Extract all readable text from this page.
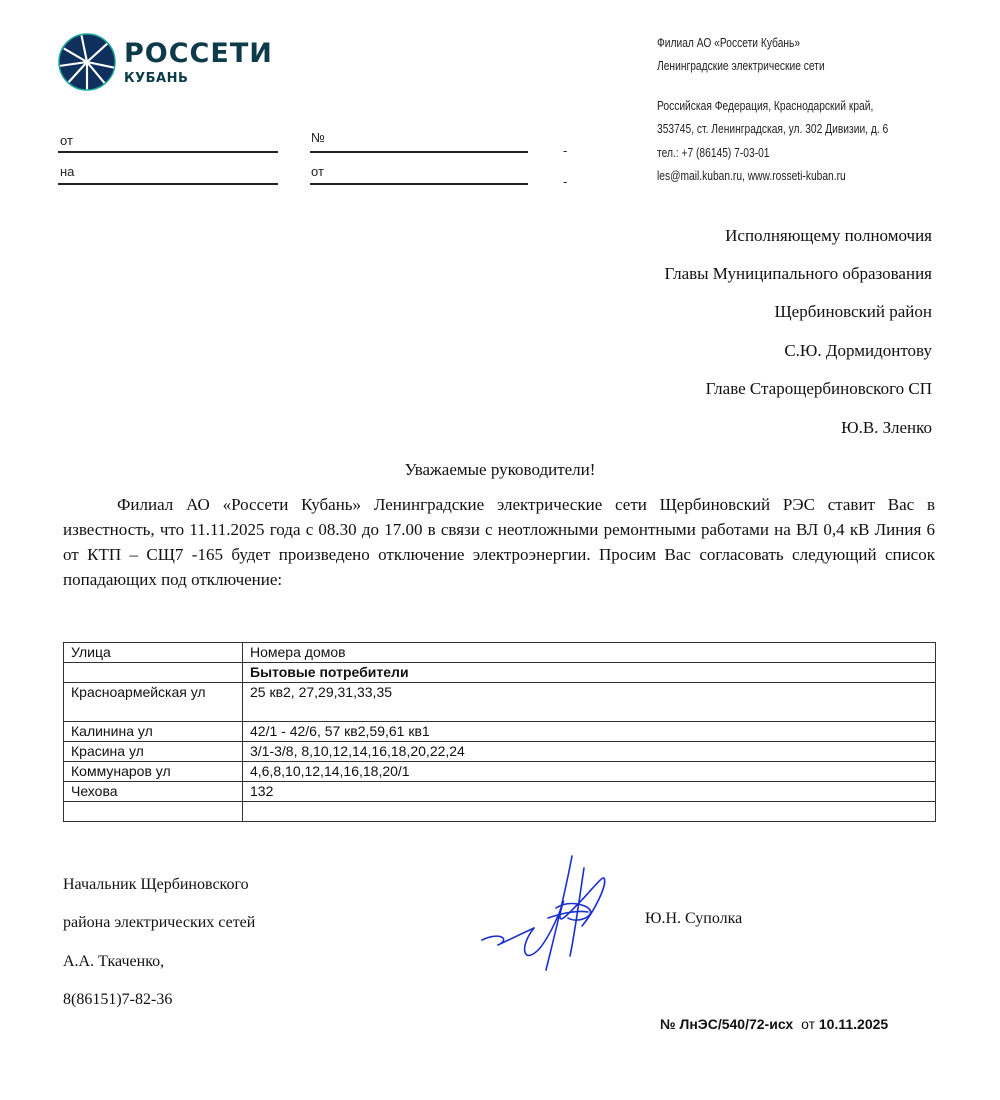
РОССЕТИ
КУБАНЬ
Филиал АО «Россети Кубань»
Ленинградские электрические сети
Российская Федерация, Краснодарский край,
353745, ст. Ленинградская, ул. 302 Дивизии, д. 6
тел.: +7 (86145) 7-03-01
les@mail.kuban.ru, www.rosseti-kuban.ru
от	№
-
на	от
-
Исполняющему полномочия
Главы Муниципального образования
Щербиновский район
С.Ю. Дормидонтову
Главе Старощербиновского СП
Ю.В. Зленко
Уважаемые руководители!
Филиал АО «Россети Кубань» Ленинградские электрические сети Щербиновский РЭС ставит Вас в известность, что 11.11.2025 года с 08.30 до 17.00 в связи с неотложными ремонтными работами на ВЛ 0,4 кВ Линия 6 от КТП – СЩ7 -165 будет произведено отключение электроэнергии. Просим Вас согласовать следующий список попадающих под отключение:
Улица	Номера домов
	Бытовые потребители
Красноармейская ул	25 кв2, 27,29,31,33,35
Калинина ул	42/1 - 42/6, 57 кв2,59,61 кв1
Красина ул	3/1-3/8, 8,10,12,14,16,18,20,22,24
Коммунаров ул	4,6,8,10,12,14,16,18,20/1
Чехова	132

Начальник Щербиновского
района электрических сетей
А.А. Ткаченко,
8(86151)7-82-36
Ю.Н. Суполка
№ ЛнЭС/540/72-исх от 10.11.2025
